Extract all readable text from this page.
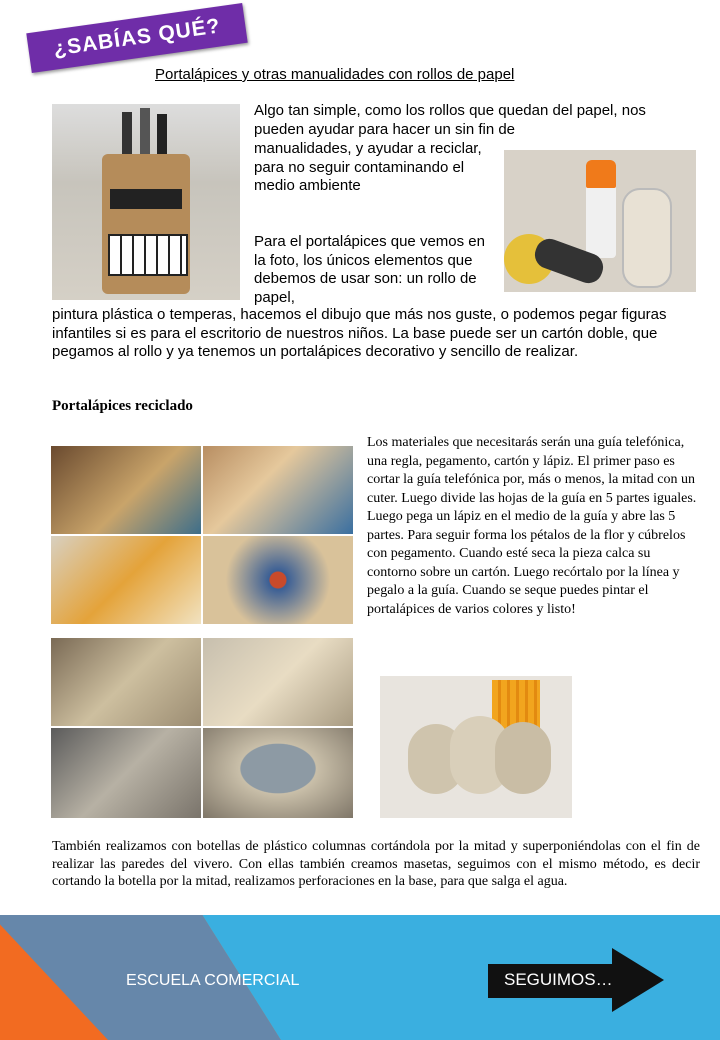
¿SABÍAS QUÉ?
Portalápices y otras manualidades con rollos de papel

Algo tan simple, como los rollos que quedan del papel, nos pueden ayudar para hacer un sin fin de

manualidades, y ayudar a reciclar, para no seguir contaminando el medio ambiente

Para el portalápices que vemos en la foto, los únicos elementos que debemos de usar son: un rollo de papel,

pintura plástica o temperas, hacemos el dibujo que más nos guste, o podemos pegar figuras infantiles si es para el escritorio de nuestros niños. La base puede ser un cartón doble, que pegamos al rollo y ya tenemos un portalápices decorativo y sencillo de realizar.

Portalápices reciclado

Los materiales que necesitarás serán una guía telefónica, una regla, pegamento, cartón y lápiz. El primer paso es cortar la guía telefónica por, más o menos, la mitad con un cuter. Luego divide las hojas de la guía en 5 partes iguales. Luego pega un lápiz en el medio de la guía y abre las 5 partes. Para seguir forma los pétalos de la flor y cúbrelos con pegamento. Cuando esté seca la pieza calca su contorno sobre un cartón. Luego recórtalo por la línea y pegalo a la guía. Cuando se seque puedes pintar el portalápices de varios colores y listo!

También realizamos con botellas de plástico columnas cortándola por la mitad y superponiéndolas con el fin de realizar las paredes del vivero. Con ellas también creamos masetas, seguimos con el mismo método, es decir cortando la botella por la mitad, realizamos perforaciones en la base, para que salga el agua.

ESCUELA COMERCIAL	SEGUIMOS…
